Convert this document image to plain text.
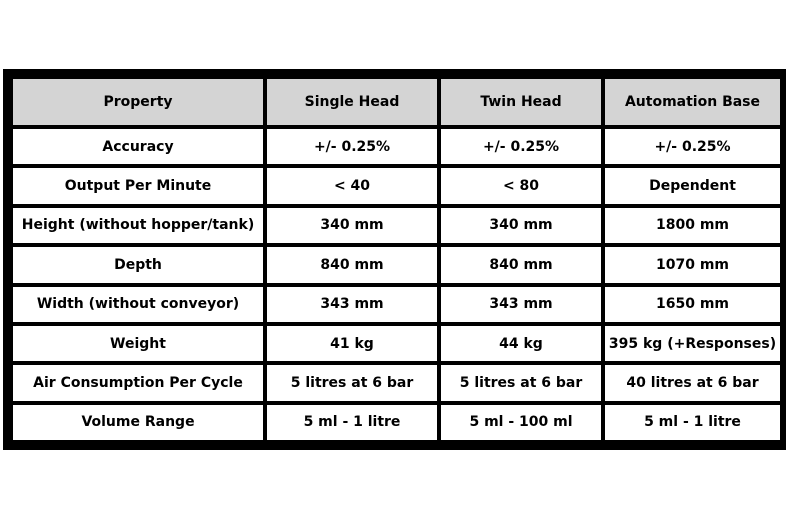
Property	Single Head	Twin Head	Automation Base
Accuracy	+/- 0.25%	+/- 0.25%	+/- 0.25%
Output Per Minute	< 40	< 80	Dependent
Height (without hopper/tank)	340 mm	340 mm	1800 mm
Depth	840 mm	840 mm	1070 mm
Width (without conveyor)	343 mm	343 mm	1650 mm
Weight	41 kg	44 kg	395 kg (+Responses)
Air Consumption Per Cycle	5 litres at 6 bar	5 litres at 6 bar	40 litres at 6 bar
Volume Range	5 ml - 1 litre	5 ml - 100 ml	5 ml - 1 litre
